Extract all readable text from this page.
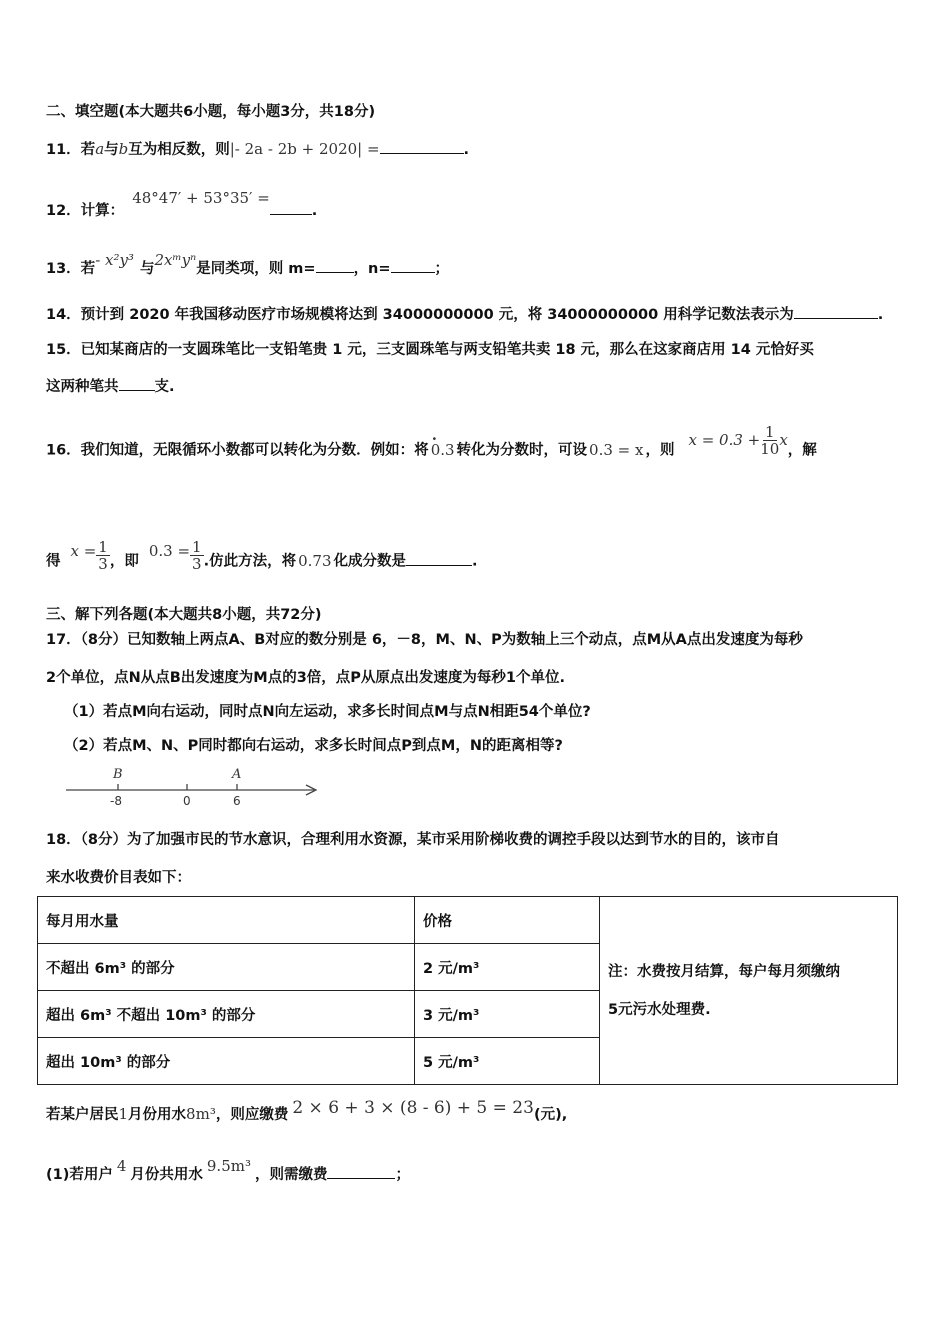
二、填空题(本大题共6小题，每小题3分，共18分)
11．若a与b互为相反数，则|- 2a - 2b + 2020| =	.
12．计算：48°47′ + 53°35′ =.
13．若- x²y³ 与2xᵐyⁿ是同类项，则 m=	，n=	；
14．预计到 2020 年我国移动医疗市场规模将达到 34000000000 元，将 34000000000 用科学记数法表示为	.
15．已知某商店的一支圆珠笔比一支铅笔贵 1 元，三支圆珠笔与两支铅笔共卖 18 元，那么在这家商店用 14 元恰好买
这两种笔共 支.
16．我们知道，无限循环小数都可以转化为分数．例如：将 · 0.3 转化为分数时，可设 0.3 = x ，则$x = 0.3 + \frac{1}{10}$ x，解
得$x = \frac{1}{3}$ ，即$0.3 = \frac{1}{3}$ .仿此方法，将 0.73 化成分数是	.
三、解下列各题(本大题共8小题，共72分)
17．（8分）已知数轴上两点A、B对应的数分别是 6，－8，M、N、P为数轴上三个动点，点M从A点出发速度为每秒
2个单位，点N从点B出发速度为M点的3倍，点P从原点出发速度为每秒1个单位.
（1）若点M向右运动，同时点N向左运动，求多长时间点M与点N相距54个单位?
（2）若点M、N、P同时都向右运动，求多长时间点P到点M，N的距离相等?
B	A
-8	0	6
18．（8分）为了加强市民的节水意识，合理利用水资源，某市采用阶梯收费的调控手段以达到节水的目的，该市自
来水收费价目表如下：
每月用水量	价格	注：水费按月结算，每户每月须缴纳
5元污水处理费.

不超出 6m³ 的部分	2 元/m³	
超出 6m³ 不超出 10m³ 的部分	3 元/m³	
超出 10m³ 的部分	5 元/m³	
若某户居民1月份用水8m³，则应缴费 2 × 6 + 3 × (8 - 6) + 5 = 23(元),
(1)若用户 4 月份共用水 9.5m³ ，则需缴费	；
